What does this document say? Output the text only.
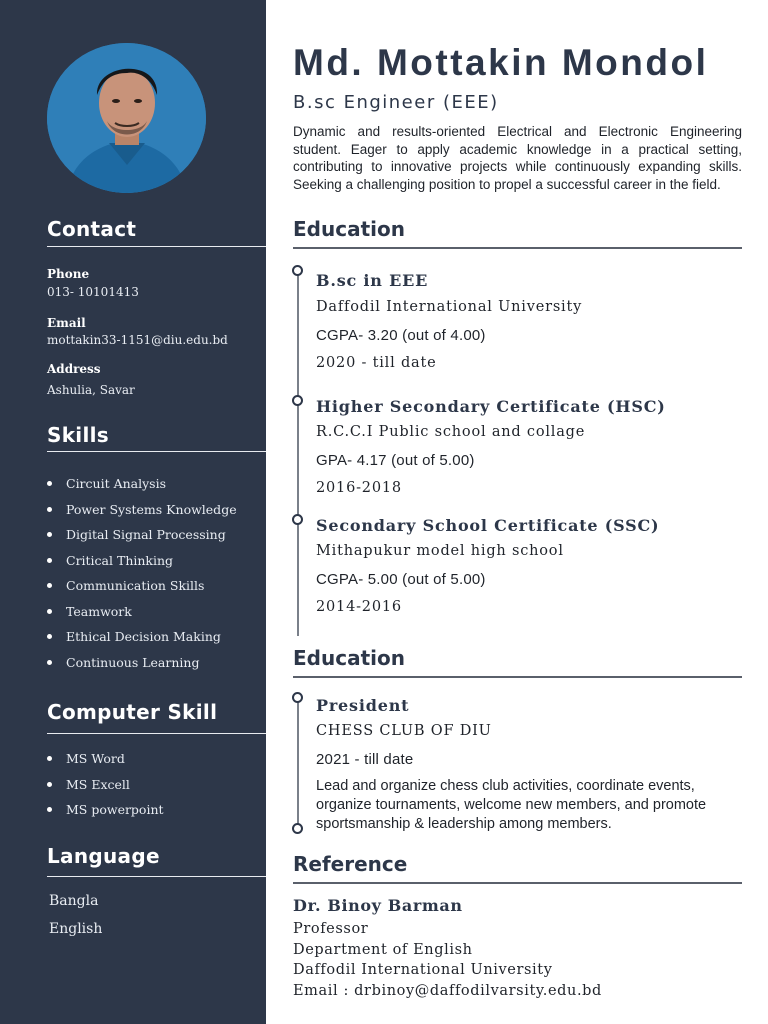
Contact
Phone
013- 10101413
Email
mottakin33-1151@diu.edu.bd
Address
Ashulia, Savar
Skills
Circuit Analysis
Power Systems Knowledge
Digital Signal Processing
Critical Thinking
Communication Skills
Teamwork
Ethical Decision Making
Continuous Learning
Computer Skill
MS Word
MS Excell
MS powerpoint
Language
Bangla
English
Md. Mottakin Mondol
B.sc Engineer (EEE)
Dynamic and results-oriented Electrical and Electronic Engineering student. Eager to apply academic knowledge in a practical setting, contributing to innovative projects while continuously expanding skills. Seeking a challenging position to propel a successful career in the field.
Education
B.sc in EEE
Daffodil International University
CGPA- 3.20 (out of 4.00)
2020 - till date
Higher Secondary Certificate (HSC)
R.C.C.I Public school and collage
GPA- 4.17 (out of 5.00)
2016-2018
Secondary School Certificate (SSC)
Mithapukur model high school
CGPA- 5.00 (out of 5.00)
2014-2016
Education
President
CHESS CLUB OF DIU
2021 - till date
Lead and organize chess club activities, coordinate events, organize tournaments, welcome new members, and promote sportsmanship & leadership among members.
Reference
Dr. Binoy Barman
Professor
Department of English
Daffodil International University
Email : drbinoy@daffodilvarsity.edu.bd
